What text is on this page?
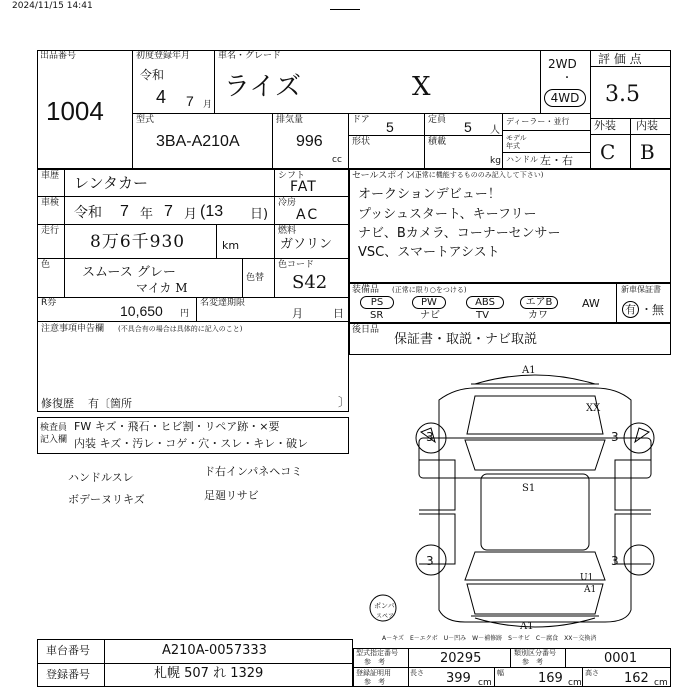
2024/11/15 14:41
出品番号
1004
初度登録年月
令和
4 7 月
車名・グレード
ライズ	X
2WD
・
4WD
評 価 点
3.5
外装 内装
C B
型式
3BA-A210A
排気量
996
cc
ドア 5
形状
定員 5 人
積載
kg
ディーラー・並行
モデル 年式
ハンドル 左・右
車歴 レンタカー	シフト
FAT
車検
令和 7 年 7 月 (13 日)
冷房
AC
走行
8万6千930	km
燃料
ガソリン
色 スムース グレー
マイカ M
色替
色コード
S42
R券	10,650 円
名変達期限
月	日
注意事項申告欄 (不具合有の場合は具体的に記入のこと)
修復歴 有〔箇所	〕
セールスポイント
(正常に機能するもののみ記入して下さい)
オークションデビュー！
プッシュスタート、キーフリー
ナビ、Bカメラ、コーナーセンサー
VSC、スマートアシスト
装備品 (正常に限り○をつける)
PS
SR
PW
ナビ
ABS
TV
エアB
カワ
AW
新車保証書
有 ・ 無
後日品
保証書・取説・ナビ取説
検査員
記入欄
FW キズ・飛石・ヒビ割・リペア跡・×要
内装 キズ・汚レ・コゲ・穴・スレ・キレ・破レ
ハンドルスレ
ボデーヌリキズ
ド右インパネヘコミ
足廻リサビ
A1
XX
3	3
S1
3	3
U1
A1
A1
ポンパ
スペア
A－キズ　E－エクボ　U－凹み　W－補修跡　S－サビ　C－腐食　XX－交換済
車台番号	A210A-0057333
登録番号	札幌 507 れ 1329
型式指定番号
参　考	20295	類別区分番号
参　考	0001
登録証明用
参　考
長さ 399 cm
幅	169 cm
高さ 162 cm
